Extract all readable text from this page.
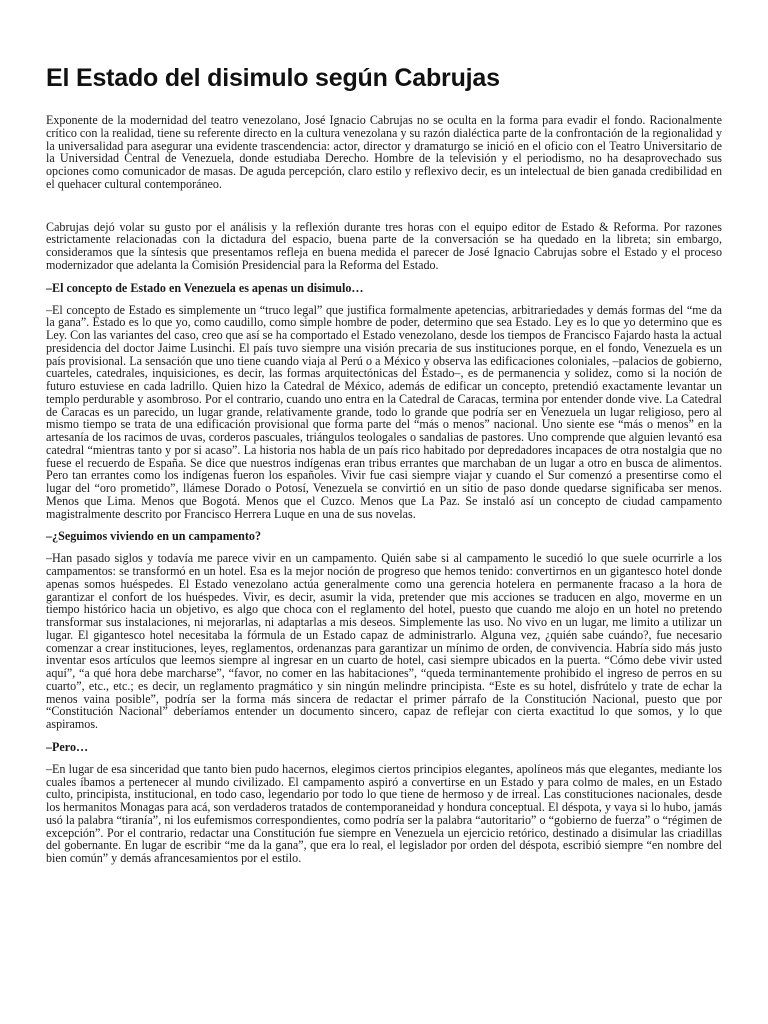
El Estado del disimulo según Cabrujas

Exponente de la modernidad del teatro venezolano, José Ignacio Cabrujas no se oculta en la forma para evadir el fondo. Racionalmente crítico con la realidad, tiene su referente directo en la cultura venezolana y su razón dialéctica parte de la confrontación de la regionalidad y la universalidad para asegurar una evidente trascendencia: actor, director y dramaturgo se inició en el oficio con el Teatro Universitario de la Universidad Central de Venezuela, donde estudiaba Derecho. Hombre de la televisión y el periodismo, no ha desaprovechado sus opciones como comunicador de masas. De aguda percepción, claro estilo y reflexivo decir, es un intelectual de bien ganada credibilidad en el quehacer cultural contemporáneo.

Cabrujas dejó volar su gusto por el análisis y la reflexión durante tres horas con el equipo editor de Estado & Reforma. Por razones estrictamente relacionadas con la dictadura del espacio, buena parte de la conversación se ha quedado en la libreta; sin embargo, consideramos que la síntesis que presentamos refleja en buena medida el parecer de José Ignacio Cabrujas sobre el Estado y el proceso modernizador que adelanta la Comisión Presidencial para la Reforma del Estado.

–El concepto de Estado en Venezuela es apenas un disimulo…

–El concepto de Estado es simplemente un “truco legal” que justifica formalmente apetencias, arbitrariedades y demás formas del “me da la gana”. Estado es lo que yo, como caudillo, como simple hombre de poder, determino que sea Estado. Ley es lo que yo determino que es Ley. Con las variantes del caso, creo que así se ha comportado el Estado venezolano, desde los tiempos de Francisco Fajardo hasta la actual presidencia del doctor Jaime Lusinchi. El país tuvo siempre una visión precaria de sus instituciones porque, en el fondo, Venezuela es un país provisional. La sensación que uno tiene cuando viaja al Perú o a México y observa las edificaciones coloniales, –palacios de gobierno, cuarteles, catedrales, inquisiciones, es decir, las formas arquitectónicas del Estado–, es de permanencia y solidez, como si la noción de futuro estuviese en cada ladrillo. Quien hizo la Catedral de México, además de edificar un concepto, pretendió exactamente levantar un templo perdurable y asombroso. Por el contrario, cuando uno entra en la Catedral de Caracas, termina por entender donde vive. La Catedral de Caracas es un parecido, un lugar grande, relativamente grande, todo lo grande que podría ser en Venezuela un lugar religioso, pero al mismo tiempo se trata de una edificación provisional que forma parte del “más o menos” nacional. Uno siente ese “más o menos” en la artesanía de los racimos de uvas, corderos pascuales, triángulos teologales o sandalias de pastores. Uno comprende que alguien levantó esa catedral “mientras tanto y por si acaso”. La historia nos habla de un país rico habitado por depredadores incapaces de otra nostalgia que no fuese el recuerdo de España. Se dice que nuestros indígenas eran tribus errantes que marchaban de un lugar a otro en busca de alimentos. Pero tan errantes como los indígenas fueron los españoles. Vivir fue casi siempre viajar y cuando el Sur comenzó a presentirse como el lugar del “oro prometido”, llámese Dorado o Potosí, Venezuela se convirtió en un sitio de paso donde quedarse significaba ser menos. Menos que Lima. Menos que Bogotá. Menos que el Cuzco. Menos que La Paz. Se instaló así un concepto de ciudad campamento magistralmente descrito por Francisco Herrera Luque en una de sus novelas.

–¿Seguimos viviendo en un campamento?

–Han pasado siglos y todavía me parece vivir en un campamento. Quién sabe si al campamento le sucedió lo que suele ocurrirle a los campamentos: se transformó en un hotel. Esa es la mejor noción de progreso que hemos tenido: convertirnos en un gigantesco hotel donde apenas somos huéspedes. El Estado venezolano actúa generalmente como una gerencia hotelera en permanente fracaso a la hora de garantizar el confort de los huéspedes. Vivir, es decir, asumir la vida, pretender que mis acciones se traducen en algo, moverme en un tiempo histórico hacia un objetivo, es algo que choca con el reglamento del hotel, puesto que cuando me alojo en un hotel no pretendo transformar sus instalaciones, ni mejorarlas, ni adaptarlas a mis deseos. Simplemente las uso. No vivo en un lugar, me limito a utilizar un lugar. El gigantesco hotel necesitaba la fórmula de un Estado capaz de administrarlo. Alguna vez, ¿quién sabe cuándo?, fue necesario comenzar a crear instituciones, leyes, reglamentos, ordenanzas para garantizar un mínimo de orden, de convivencia. Habría sido más justo inventar esos artículos que leemos siempre al ingresar en un cuarto de hotel, casi siempre ubicados en la puerta. “Cómo debe vivir usted aquí”, “a qué hora debe marcharse”, “favor, no comer en las habitaciones”, “queda terminantemente prohibido el ingreso de perros en su cuarto”, etc., etc.; es decir, un reglamento pragmático y sin ningún melindre principista. “Este es su hotel, disfrútelo y trate de echar la menos vaina posible”, podría ser la forma más sincera de redactar el primer párrafo de la Constitución Nacional, puesto que por “Constitución Nacional” deberíamos entender un documento sincero, capaz de reflejar con cierta exactitud lo que somos, y lo que aspiramos.

–Pero…

–En lugar de esa sinceridad que tanto bien pudo hacernos, elegimos ciertos principios elegantes, apolíneos más que elegantes, mediante los cuales íbamos a pertenecer al mundo civilizado. El campamento aspiró a convertirse en un Estado y para colmo de males, en un Estado culto, principista, institucional, en todo caso, legendario por todo lo que tiene de hermoso y de irreal. Las constituciones nacionales, desde los hermanitos Monagas para acá, son verdaderos tratados de contemporaneidad y hondura conceptual. El déspota, y vaya si lo hubo, jamás usó la palabra “tiranía”, ni los eufemismos correspondientes, como podría ser la palabra “autoritario” o “gobierno de fuerza” o “régimen de excepción”. Por el contrario, redactar una Constitución fue siempre en Venezuela un ejercicio retórico, destinado a disimular las criadillas del gobernante. En lugar de escribir “me da la gana”, que era lo real, el legislador por orden del déspota, escribió siempre “en nombre del bien común” y demás afrancesamientos por el estilo.
